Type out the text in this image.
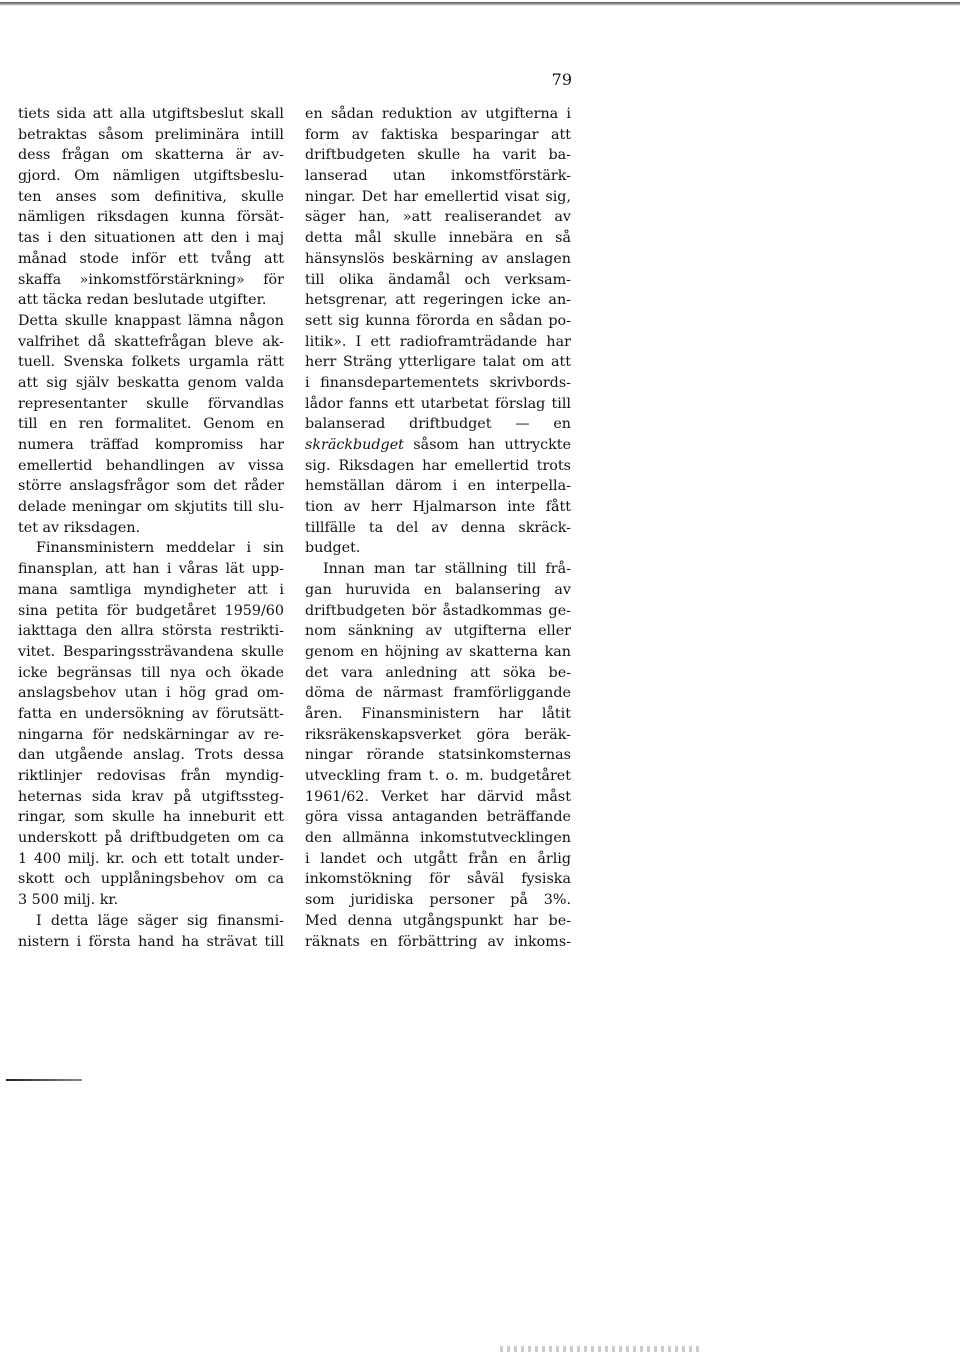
79
tiets sida att alla utgiftsbeslut skall
betraktas såsom preliminära intill
dess frågan om skatterna är av-
gjord. Om nämligen utgiftsbeslu-
ten anses som definitiva, skulle
nämligen riksdagen kunna försät-
tas i den situationen att den i maj
månad stode inför ett tvång att
skaffa »inkomstförstärkning» för
att täcka redan beslutade utgifter.
Detta skulle knappast lämna någon
valfrihet då skattefrågan bleve ak-
tuell. Svenska folkets urgamla rätt
att sig själv beskatta genom valda
representanter skulle förvandlas
till en ren formalitet. Genom en
numera träffad kompromiss har
emellertid behandlingen av vissa
större anslagsfrågor som det råder
delade meningar om skjutits till slu-
tet av riksdagen.
Finansministern meddelar i sin
finansplan, att han i våras lät upp-
mana samtliga myndigheter att i
sina petita för budgetåret 1959/60
iakttaga den allra största restrikti-
vitet. Besparingssträvandena skulle
icke begränsas till nya och ökade
anslagsbehov utan i hög grad om-
fatta en undersökning av förutsätt-
ningarna för nedskärningar av re-
dan utgående anslag. Trots dessa
riktlinjer redovisas från myndig-
heternas sida krav på utgiftssteg-
ringar, som skulle ha inneburit ett
underskott på driftbudgeten om ca
1 400 milj. kr. och ett totalt under-
skott och upplåningsbehov om ca
3 500 milj. kr.
I detta läge säger sig finansmi-
nistern i första hand ha strävat till
en sådan reduktion av utgifterna i
form av faktiska besparingar att
driftbudgeten skulle ha varit ba-
lanserad utan inkomstförstärk-
ningar. Det har emellertid visat sig,
säger han, »att realiserandet av
detta mål skulle innebära en så
hänsynslös beskärning av anslagen
till olika ändamål och verksam-
hetsgrenar, att regeringen icke an-
sett sig kunna förorda en sådan po-
litik». I ett radioframträdande har
herr Sträng ytterligare talat om att
i finansdepartementets skrivbords-
lådor fanns ett utarbetat förslag till
balanserad driftbudget — en
skräckbudget såsom han uttryckte
sig. Riksdagen har emellertid trots
hemställan därom i en interpella-
tion av herr Hjalmarson inte fått
tillfälle ta del av denna skräck-
budget.
Innan man tar ställning till frå-
gan huruvida en balansering av
driftbudgeten bör åstadkommas ge-
nom sänkning av utgifterna eller
genom en höjning av skatterna kan
det vara anledning att söka be-
döma de närmast framförliggande
åren. Finansministern har låtit
riksräkenskapsverket göra beräk-
ningar rörande statsinkomsternas
utveckling fram t. o. m. budgetåret
1961/62. Verket har därvid måst
göra vissa antaganden beträffande
den allmänna inkomstutvecklingen
i landet och utgått från en årlig
inkomstökning för såväl fysiska
som juridiska personer på 3%.
Med denna utgångspunkt har be-
räknats en förbättring av inkoms-
